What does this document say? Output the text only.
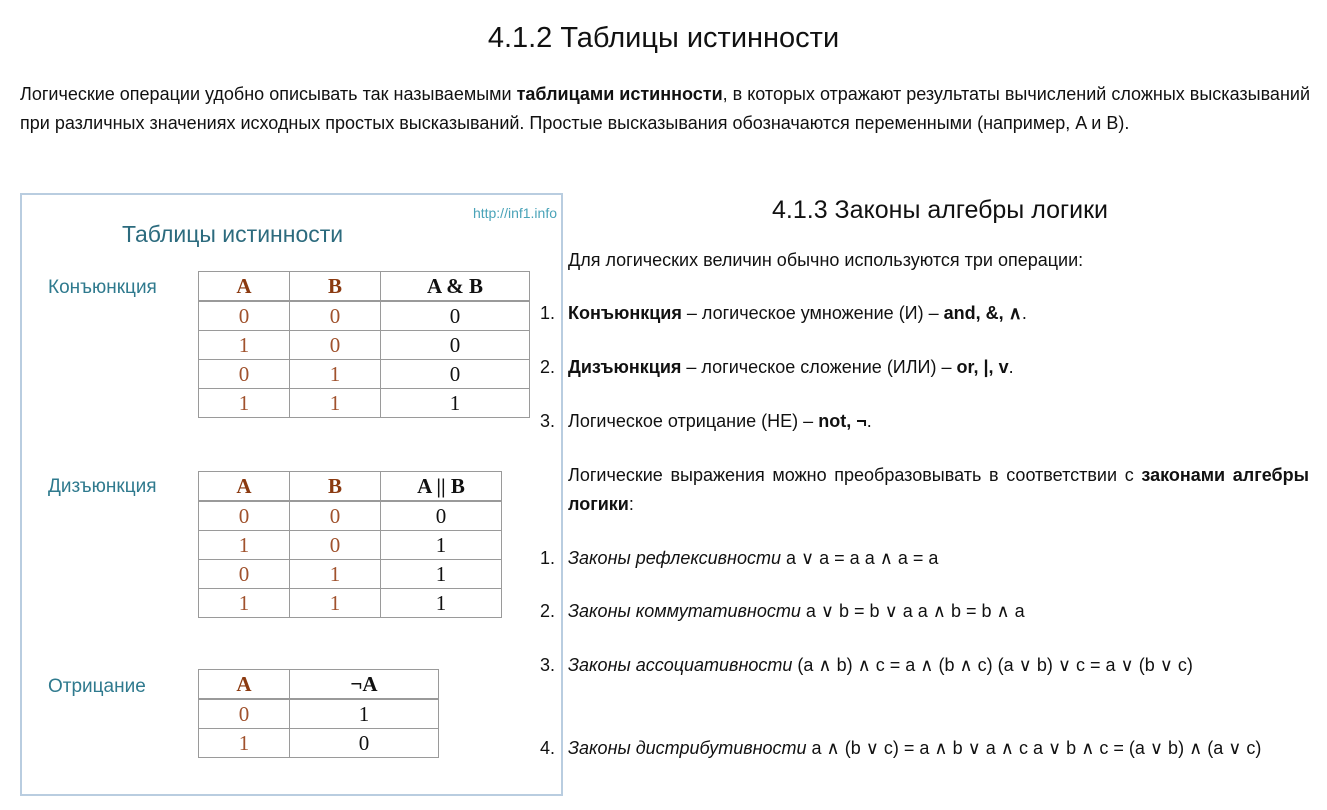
4.1.2 Таблицы истинности

Логические операции удобно описывать так называемыми таблицами истинности, в которых отражают результаты вычислений сложных высказываний при различных значениях исходных простых высказываний. Простые высказывания обозначаются переменными (например, A и B).

http://inf1.info
Таблицы истинности
Конъюнкция	A	B	A & B
0	0	0
1	0	0
0	1	0
1	1	1
Дизъюнкция	A	B	A || B
0	0	0
1	0	1
0	1	1
1	1	1
Отрицание	A	¬A
0	1
1	0
4.1.3 Законы алгебры логики

Для логических величин обычно используются три операции:

1. Конъюнкция – логическое умножение (И) – and, &, ∧.
2. Дизъюнкция – логическое сложение (ИЛИ) – or, |, v.
3. Логическое отрицание (НЕ) – not, ¬.

Логические выражения можно преобразовывать в соответствии с законами алгебры логики:

1. Законы рефлексивности a ∨ a = a a ∧ a = a
2. Законы коммутативности a ∨ b = b ∨ a a ∧ b = b ∧ a
3. Законы ассоциативности (a ∧ b) ∧ c = a ∧ (b ∧ c) (a ∨ b) ∨ c = a ∨ (b ∨ c)
4. Законы дистрибутивности a ∧ (b ∨ c) = a ∧ b ∨ a ∧ c a ∨ b ∧ c = (a ∨ b) ∧ (a ∨ c)
